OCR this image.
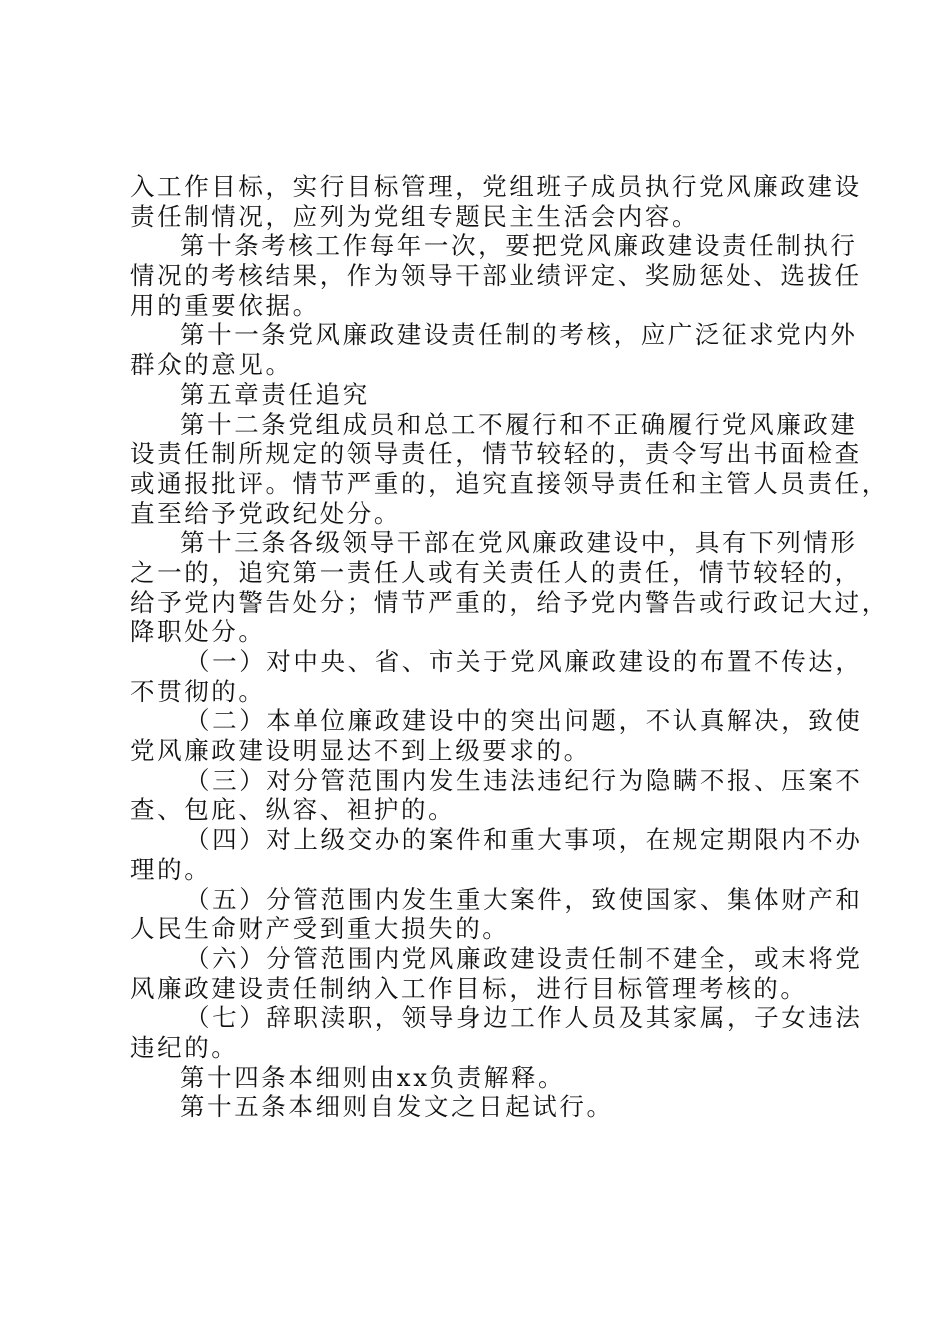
入工作目标，实行目标管理，党组班子成员执行党风廉政建设
责任制情况，应列为党组专题民主生活会内容。
第十条考核工作每年一次，要把党风廉政建设责任制执行
情况的考核结果，作为领导干部业绩评定、奖励惩处、选拔任
用的重要依据。
第十一条党风廉政建设责任制的考核，应广泛征求党内外
群众的意见。
第五章责任追究
第十二条党组成员和总工不履行和不正确履行党风廉政建
设责任制所规定的领导责任，情节较轻的，责令写出书面检查
或通报批评。情节严重的，追究直接领导责任和主管人员责任，
直至给予党政纪处分。
第十三条各级领导干部在党风廉政建设中，具有下列情形
之一的，追究第一责任人或有关责任人的责任，情节较轻的，
给予党内警告处分；情节严重的，给予党内警告或行政记大过，
降职处分。
（一）对中央、省、市关于党风廉政建设的布置不传达，
不贯彻的。
（二）本单位廉政建设中的突出问题，不认真解决，致使
党风廉政建设明显达不到上级要求的。
（三）对分管范围内发生违法违纪行为隐瞒不报、压案不
查、包庇、纵容、袒护的。
（四）对上级交办的案件和重大事项，在规定期限内不办
理的。
（五）分管范围内发生重大案件，致使国家、集体财产和
人民生命财产受到重大损失的。
（六）分管范围内党风廉政建设责任制不建全，或末将党
风廉政建设责任制纳入工作目标，进行目标管理考核的。
（七）辞职渎职，领导身边工作人员及其家属，子女违法
违纪的。
第十四条本细则由xx负责解释。
第十五条本细则自发文之日起试行。
